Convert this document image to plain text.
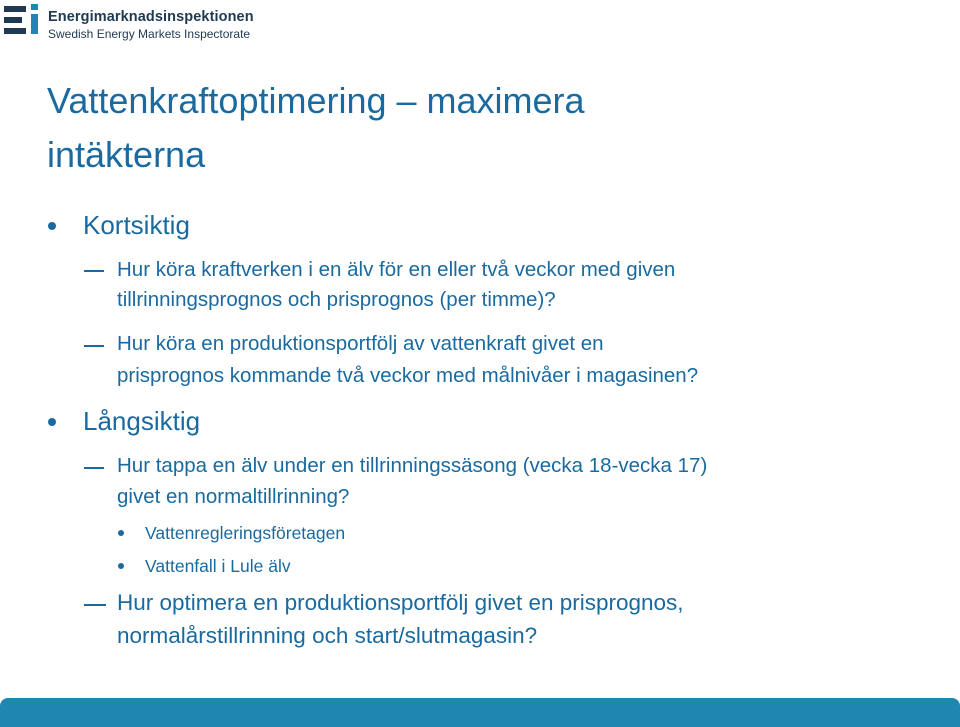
Energimarknadsinspektionen
Swedish Energy Markets Inspectorate
Vattenkraftoptimering – maximera
intäkterna
Kortsiktig
Hur köra kraftverken i en älv för en eller två veckor med given
tillrinningsprognos och prisprognos (per timme)?
Hur köra en produktionsportfölj av vattenkraft givet en
prisprognos kommande två veckor med målnivåer i magasinen?
Långsiktig
Hur tappa en älv under en tillrinningssäsong (vecka 18-vecka 17)
givet en normaltillrinning?
Vattenregleringsföretagen
Vattenfall i Lule älv
Hur optimera en produktionsportfölj givet en prisprognos,
normalårstillrinning och start/slutmagasin?
